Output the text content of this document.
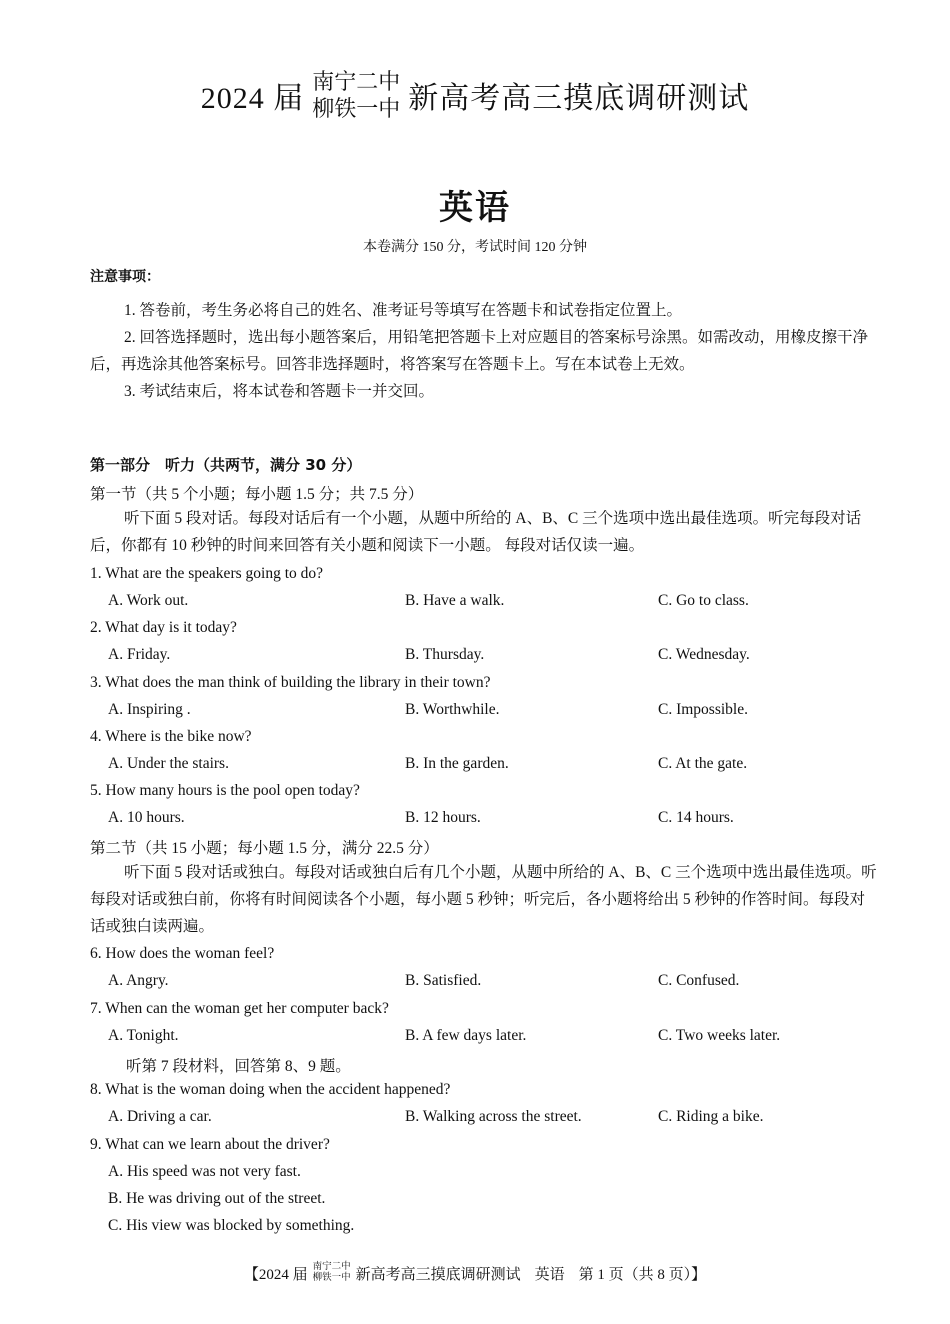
2024 届
南宁二中
柳铁一中 新高考高三摸底调研测试
英语
本卷满分 150 分，考试时间 120 分钟
注意事项：
1. 答卷前，考生务必将自己的姓名、准考证号等填写在答题卡和试卷指定位置上。
2. 回答选择题时，选出每小题答案后，用铅笔把答题卡上对应题目的答案标号涂黑。如需改动，用橡皮擦干净后，再选涂其他答案标号。回答非选择题时，将答案写在答题卡上。写在本试卷上无效。
3. 考试结束后，将本试卷和答题卡一并交回。
第一部分　听力（共两节，满分 30 分）
第一节（共 5 个小题；每小题 1.5 分；共 7.5 分）
听下面 5 段对话。每段对话后有一个小题，从题中所给的 A、B、C 三个选项中选出最佳选项。听完每段对话后，你都有 10 秒钟的时间来回答有关小题和阅读下一小题。 每段对话仅读一遍。
1. What are the speakers going to do?
A. Work out.	B. Have a walk.	C. Go to class.
2. What day is it today?
A. Friday.	B. Thursday.	C. Wednesday.
3. What does the man think of building the library in their town?
A. Inspiring .	B. Worthwhile.	C. Impossible.
4. Where is the bike now?
A. Under the stairs.	B. In the garden.	C. At the gate.
5. How many hours is the pool open today?
A. 10 hours.	B. 12 hours.	C. 14 hours.
第二节（共 15 小题；每小题 1.5 分，满分 22.5 分）
听下面 5 段对话或独白。每段对话或独白后有几个小题，从题中所给的 A、B、C 三个选项中选出最佳选项。听每段对话或独白前，你将有时间阅读各个小题，每小题 5 秒钟；听完后，各小题将给出 5 秒钟的作答时间。每段对话或独白读两遍。
6. How does the woman feel?
A. Angry.	B. Satisfied.	C. Confused.
7. When can the woman get her computer back?
A. Tonight.	B. A few days later.	C. Two weeks later.
听第 7 段材料，回答第 8、9 题。
8. What is the woman doing when the accident happened?
A. Driving a car.	B. Walking across the street.	C. Riding a bike.
9. What can we learn about the driver?
A. His speed was not very fast.
B. He was driving out of the street.
C. His view was blocked by something.
【2024 届 南宁二中
柳铁一中 新高考高三摸底调研测试 英语 第 1 页（共 8 页）】
